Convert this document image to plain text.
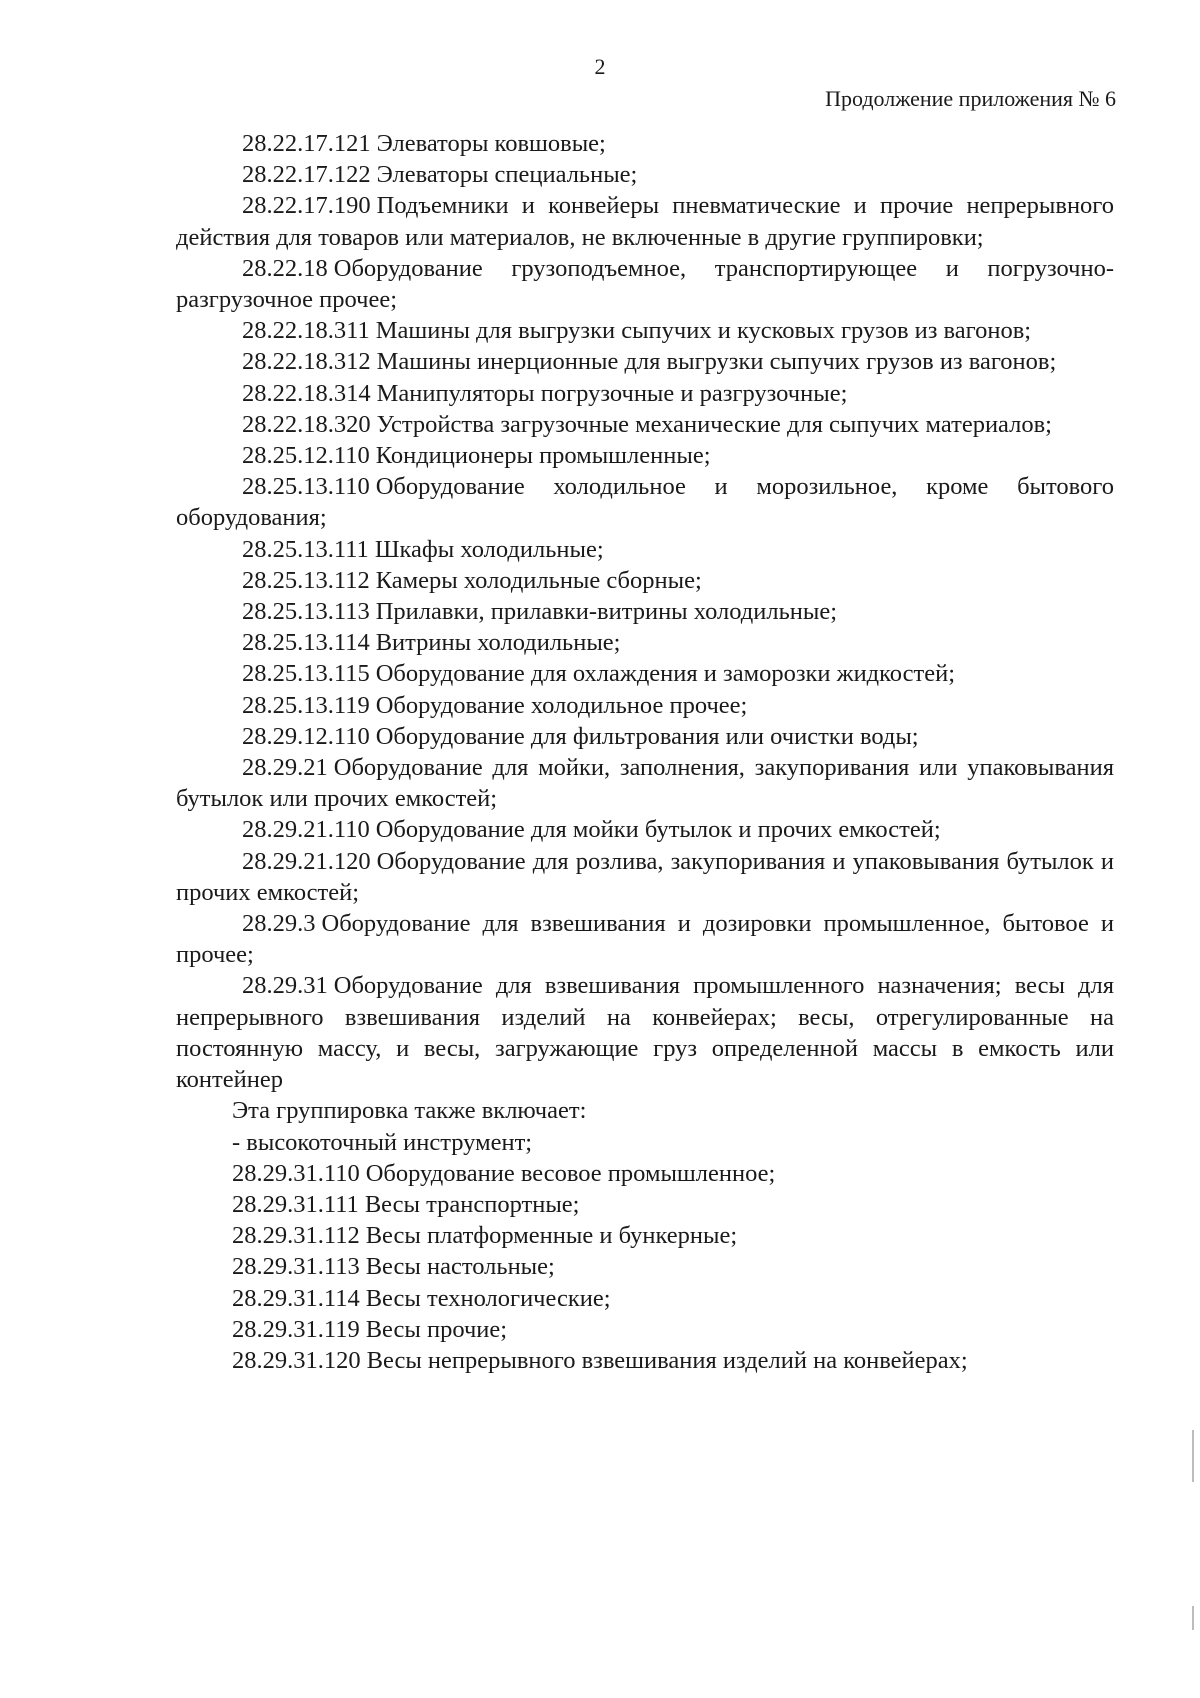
2
Продолжение приложения № 6

28.22.17.121 Элеваторы ковшовые;

28.22.17.122 Элеваторы специальные;

28.22.17.190 Подъемники и конвейеры пневматические и прочие непрерывного действия для товаров или материалов, не включенные в другие группировки;

28.22.18 Оборудование грузоподъемное, транспортирующее и погрузочно-разгрузочное прочее;

28.22.18.311 Машины для выгрузки сыпучих и кусковых грузов из вагонов;

28.22.18.312 Машины инерционные для выгрузки сыпучих грузов из вагонов;

28.22.18.314 Манипуляторы погрузочные и разгрузочные;

28.22.18.320 Устройства загрузочные механические для сыпучих материалов;

28.25.12.110 Кондиционеры промышленные;

28.25.13.110 Оборудование холодильное и морозильное, кроме бытового оборудования;

28.25.13.111 Шкафы холодильные;

28.25.13.112 Камеры холодильные сборные;

28.25.13.113 Прилавки, прилавки-витрины холодильные;

28.25.13.114 Витрины холодильные;

28.25.13.115 Оборудование для охлаждения и заморозки жидкостей;

28.25.13.119 Оборудование холодильное прочее;

28.29.12.110 Оборудование для фильтрования или очистки воды;

28.29.21 Оборудование для мойки, заполнения, закупоривания или упаковывания бутылок или прочих емкостей;

28.29.21.110 Оборудование для мойки бутылок и прочих емкостей;

28.29.21.120 Оборудование для розлива, закупоривания и упаковывания бутылок и прочих емкостей;

28.29.3 Оборудование для взвешивания и дозировки промышленное, бытовое и прочее;

28.29.31 Оборудование для взвешивания промышленного назначения; весы для непрерывного взвешивания изделий на конвейерах; весы, отрегулированные на постоянную массу, и весы, загружающие груз определенной массы в емкость или контейнер

Эта группировка также включает:

- высокоточный инструмент;

28.29.31.110 Оборудование весовое промышленное;

28.29.31.111 Весы транспортные;

28.29.31.112 Весы платформенные и бункерные;

28.29.31.113 Весы настольные;

28.29.31.114 Весы технологические;

28.29.31.119 Весы прочие;

28.29.31.120 Весы непрерывного взвешивания изделий на конвейерах;
